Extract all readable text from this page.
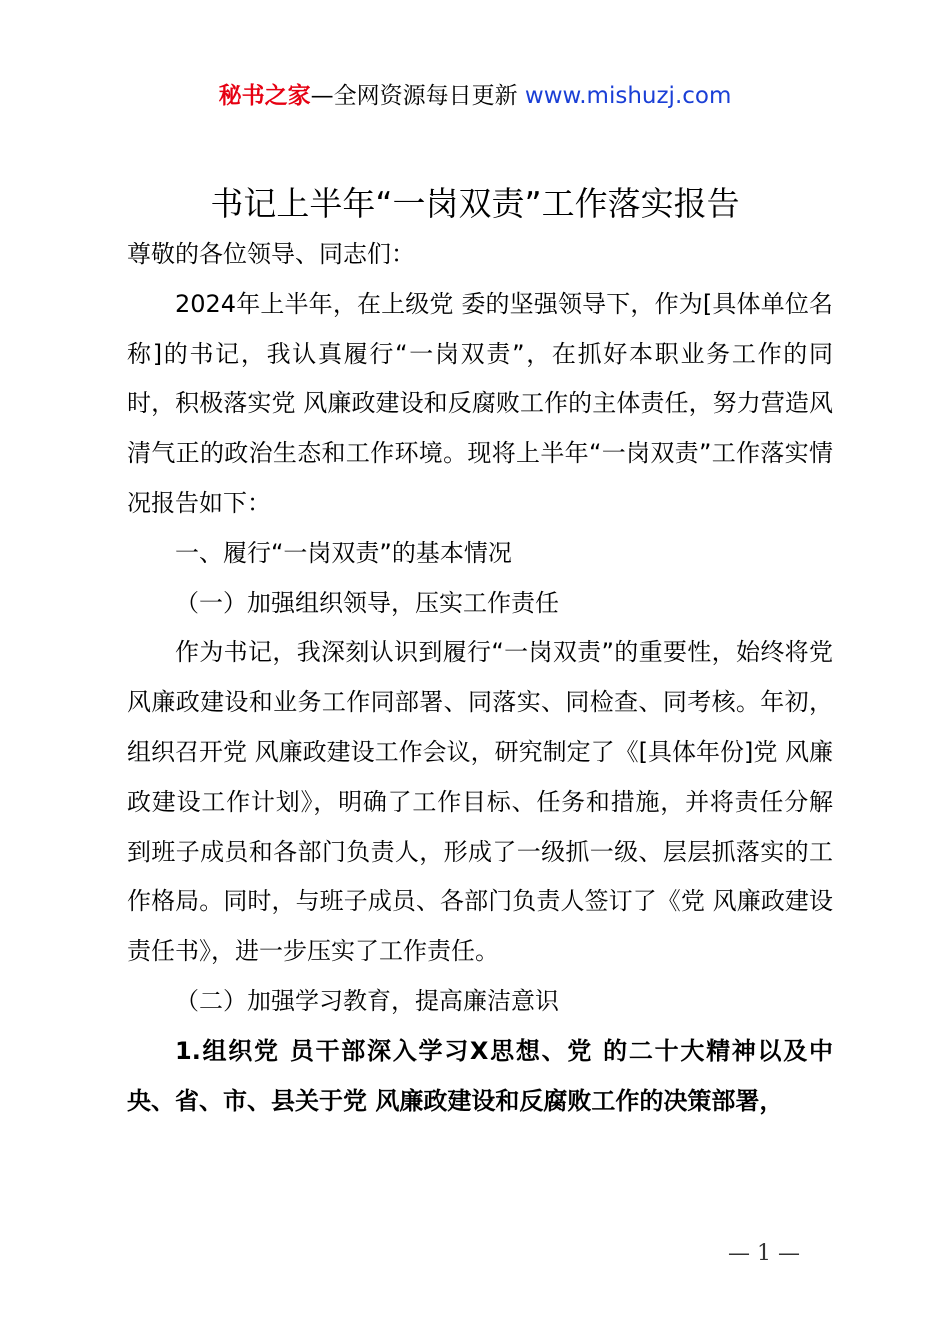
秘书之家—全网资源每日更新 www.mishuzj.com
书记上半年“一岗双责”工作落实报告

尊敬的各位领导、同志们：

2024年上半年，在上级党 委的坚强领导下，作为[具体单位名称]的书记，我认真履行“一岗双责”，在抓好本职业务工作的同时，积极落实党 风廉政建设和反腐败工作的主体责任，努力营造风清气正的政治生态和工作环境。现将上半年“一岗双责”工作落实情况报告如下：

一、履行“一岗双责”的基本情况

（一）加强组织领导，压实工作责任

作为书记，我深刻认识到履行“一岗双责”的重要性，始终将党 风廉政建设和业务工作同部署、同落实、同检查、同考核。年初，组织召开党 风廉政建设工作会议，研究制定了《[具体年份]党 风廉政建设工作计划》，明确了工作目标、任务和措施，并将责任分解到班子成员和各部门负责人，形成了一级抓一级、层层抓落实的工作格局。同时，与班子成员、各部门负责人签订了《党 风廉政建设责任书》，进一步压实了工作责任。

（二）加强学习教育，提高廉洁意识

1.组织党 员干部深入学习X思想、党 的二十大精神以及中央、省、市、县关于党 风廉政建设和反腐败工作的决策部署，

— 1 —
